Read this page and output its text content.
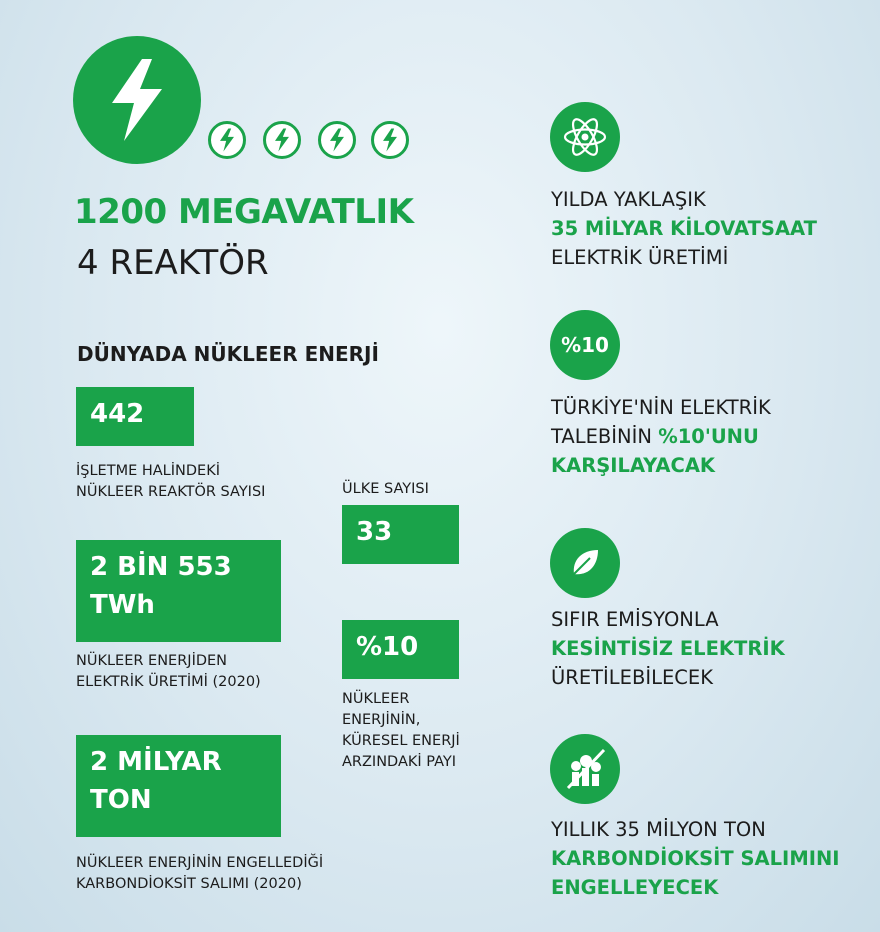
1200 MEGAVATLIK
4 REAKTÖR
DÜNYADA NÜKLEER ENERJİ
442
İŞLETME HALİNDEKİ
NÜKLEER REAKTÖR SAYISI
2 BİN 553
TWh
NÜKLEER ENERJİDEN
ELEKTRİK ÜRETİMİ (2020)
2 MİLYAR
TON
NÜKLEER ENERJİNİN ENGELLEDİĞİ
KARBONDİOKSİT SALIMI (2020)
ÜLKE SAYISI
33
%10
NÜKLEER
ENERJİNİN,
KÜRESEL ENERJİ
ARZINDAKİ PAYI
YILDA YAKLAŞIK
35 MİLYAR KİLOVATSAAT
ELEKTRİK ÜRETİMİ
%10
TÜRKİYE'NİN ELEKTRİK
TALEBİNİN %10'UNU
KARŞILAYACAK
SIFIR EMİSYONLA
KESİNTİSİZ ELEKTRİK
ÜRETİLEBİLECEK
YILLIK 35 MİLYON TON
KARBONDİOKSİT SALIMINI
ENGELLEYECEK
